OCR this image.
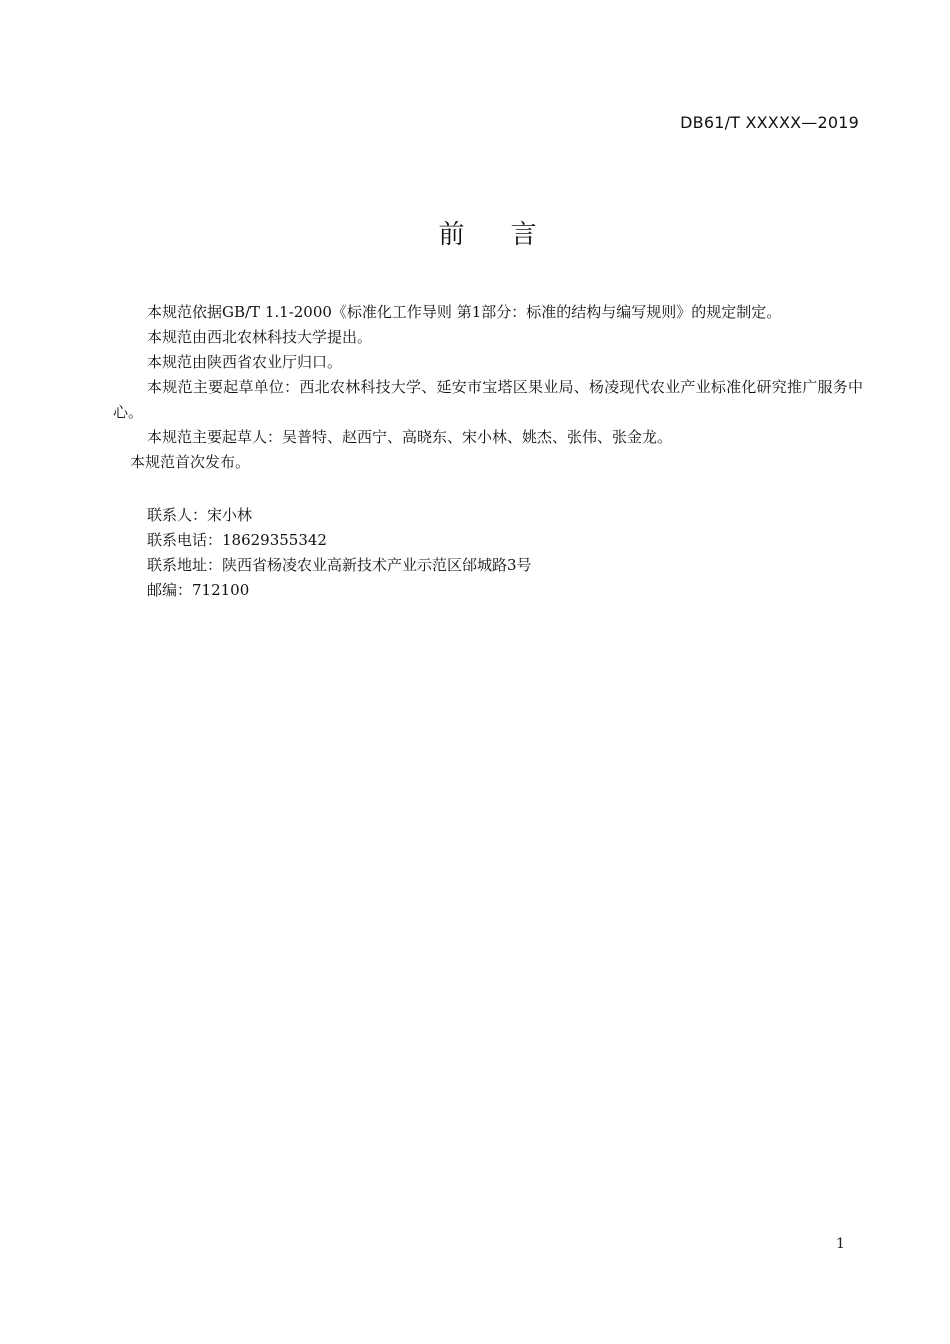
DB61/T XXXXX—2019
前 言

本规范依据GB/T 1.1-2000《标准化工作导则 第1部分：标准的结构与编写规则》的规定制定。

本规范由西北农林科技大学提出。

本规范由陕西省农业厅归口。

本规范主要起草单位：西北农林科技大学、延安市宝塔区果业局、杨凌现代农业产业标准化研究推广服务中心。

本规范主要起草人：吴普特、赵西宁、高晓东、宋小林、姚杰、张伟、张金龙。

本规范首次发布。

联系人：宋小林

联系电话：18629355342

联系地址：陕西省杨凌农业高新技术产业示范区邰城路3号

邮编：712100

1
